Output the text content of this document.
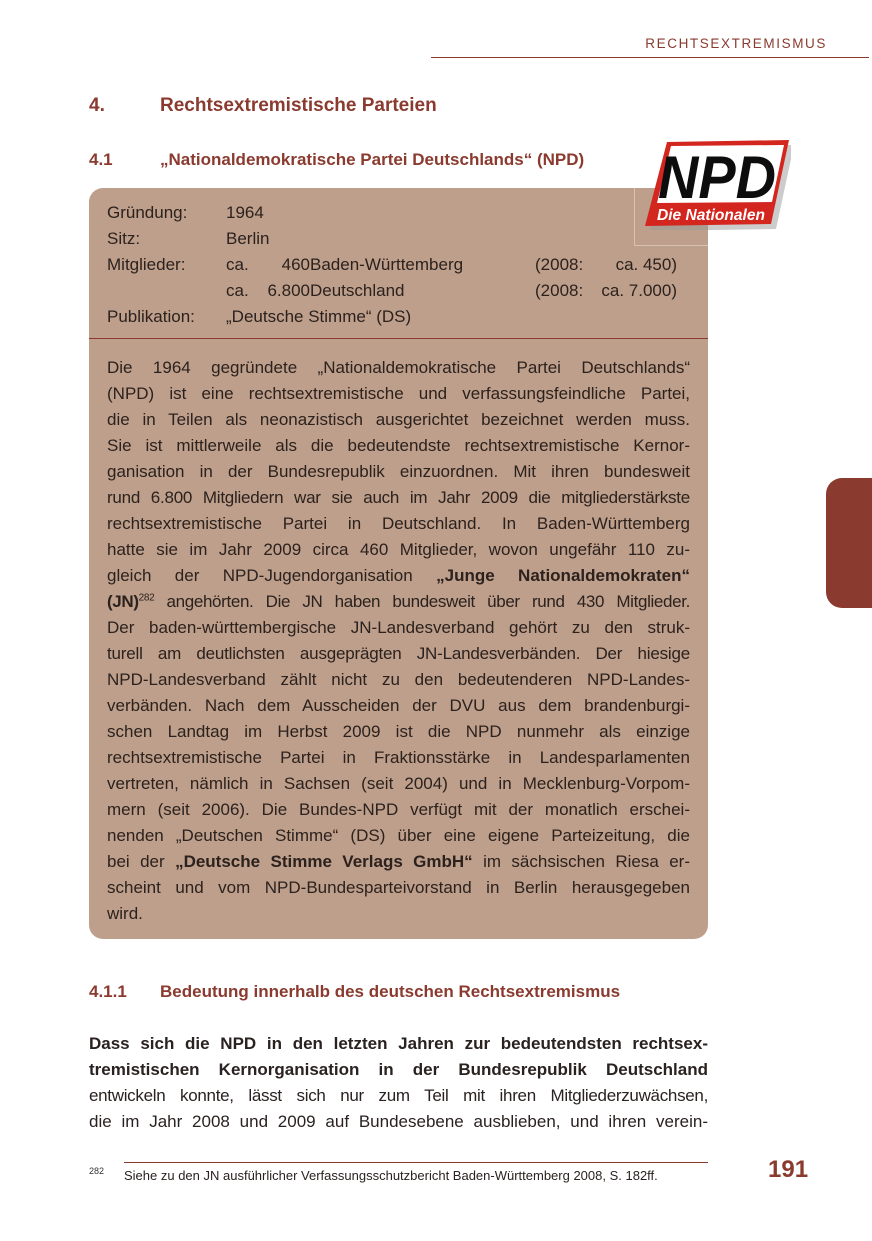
RECHTSEXTREMISMUS
4.	Rechtsextremistische Parteien
4.1	„Nationaldemokratische Partei Deutschlands“ (NPD) NPD
Die Nationalen
Gründung: 1964
Sitz:	Berlin
Mitglieder: ca.	460 Baden-Württemberg	(2008: ca. 450)
ca.	6.800 Deutschland	(2008: ca. 7.000)
Publikation: „Deutsche Stimme“ (DS)
Die 1964 gegründete „Nationaldemokratische Partei Deutschlands“
(NPD) ist eine rechtsextremistische und verfassungsfeindliche Partei,
die in Teilen als neonazistisch ausgerichtet bezeichnet werden muss.
Sie ist mittlerweile als die bedeutendste rechtsextremistische Kernor-
ganisation in der Bundesrepublik einzuordnen. Mit ihren bundesweit
rund 6.800 Mitgliedern war sie auch im Jahr 2009 die mitgliederstärkste
rechtsextremistische Partei in Deutschland. In Baden-Württemberg
hatte sie im Jahr 2009 circa 460 Mitglieder, wovon ungefähr 110 zu-
gleich der NPD-Jugendorganisation „Junge Nationaldemokraten“
(JN)$^{282}$ angehörten. Die JN haben bundesweit über rund 430 Mitglieder.
Der baden-württembergische JN-Landesverband gehört zu den struk-
turell am deutlichsten ausgeprägten JN-Landesverbänden. Der hiesige
NPD-Landesverband zählt nicht zu den bedeutenderen NPD-Landes-
verbänden. Nach dem Ausscheiden der DVU aus dem brandenburgi-
schen Landtag im Herbst 2009 ist die NPD nunmehr als einzige
rechtsextremistische Partei in Fraktionsstärke in Landesparlamenten
vertreten, nämlich in Sachsen (seit 2004) und in Mecklenburg-Vorpom-
mern (seit 2006). Die Bundes-NPD verfügt mit der monatlich erschei-
nenden „Deutschen Stimme“ (DS) über eine eigene Parteizeitung, die
bei der „Deutsche Stimme Verlags GmbH“ im sächsischen Riesa er-
scheint und vom NPD-Bundesparteivorstand in Berlin herausgegeben
wird.
4.1.1 Bedeutung innerhalb des deutschen Rechtsextremismus
Dass sich die NPD in den letzten Jahren zur bedeutendsten rechtsex-
tremistischen Kernorganisation in der Bundesrepublik Deutschland
entwickeln konnte, lässt sich nur zum Teil mit ihren Mitgliederzuwächsen,
die im Jahr 2008 und 2009 auf Bundesebene ausblieben, und ihren verein-
282 Siehe zu den JN ausführlicher Verfassungsschutzbericht Baden-Württemberg 2008, S. 182ff.	191
